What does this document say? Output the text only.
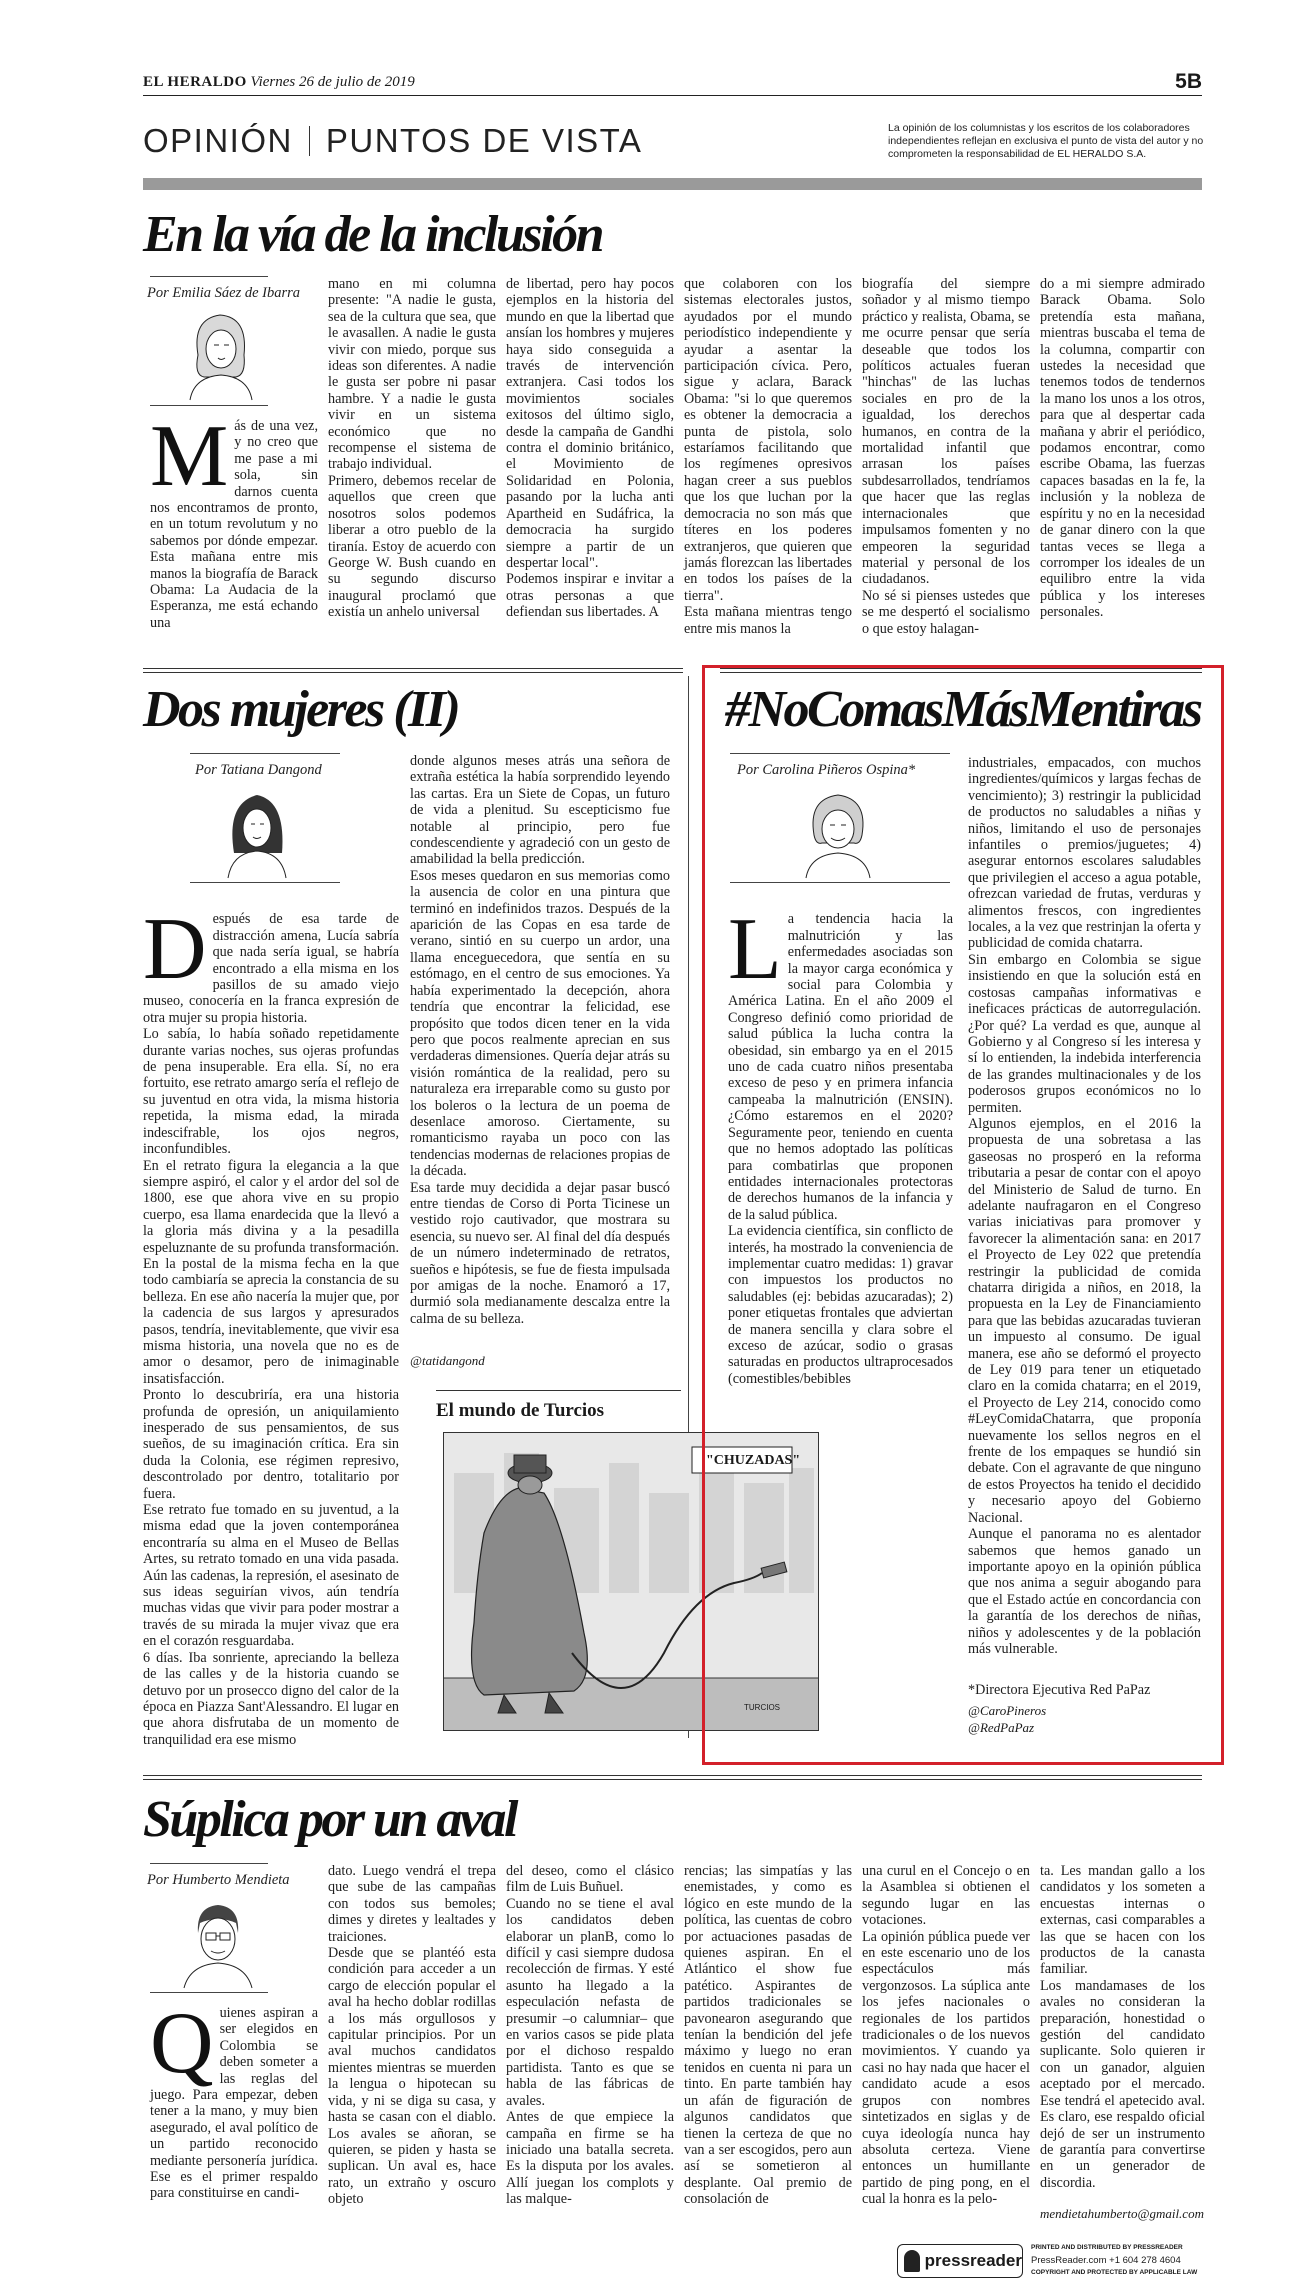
EL HERALDO Viernes 26 de julio de 2019	5B
OPINIÓN PUNTOS DE VISTA	La opinión de los columnistas y los escritos de los colaboradores independientes reflejan en exclusiva el punto de vista del autor y no comprometen la responsabilidad de EL HERALDO S.A.
En la vía de la inclusión
Por Emilia Sáez de Ibarra
Más de una vez, y no creo que me pase a mi sola, sin darnos cuenta nos encontramos de pronto, en un totum revolutum y no sabemos por dónde empezar. Esta mañana entre mis manos la biografía de Barack Obama: La Audacia de la Esperanza, me está echando una
mano en mi columna presente: "A nadie le gusta, sea de la cultura que sea, que le avasallen. A nadie le gusta vivir con miedo, porque sus ideas son diferentes. A nadie le gusta ser pobre ni pasar hambre. Y a nadie le gusta vivir en un sistema económico que no recompense el sistema de trabajo individual.
Primero, debemos recelar de aquellos que creen que nosotros solos podemos liberar a otro pueblo de la tiranía. Estoy de acuerdo con George W. Bush cuando en su segundo discurso inaugural proclamó que existía un anhelo universal
de libertad, pero hay pocos ejemplos en la historia del mundo en que la libertad que ansían los hombres y mujeres haya sido conseguida a través de intervención extranjera. Casi todos los movimientos sociales exitosos del último siglo, desde la campaña de Gandhi contra el dominio británico, el Movimiento de Solidaridad en Polonia, pasando por la lucha anti Apartheid en Sudáfrica, la democracia ha surgido siempre a partir de un despertar local".
Podemos inspirar e invitar a otras personas a que defiendan sus libertades. A
que colaboren con los sistemas electorales justos, ayudados por el mundo periodístico independiente y ayudar a asentar la participación cívica. Pero, sigue y aclara, Barack Obama: "si lo que queremos es obtener la democracia a punta de pistola, solo estaríamos facilitando que los regímenes opresivos hagan creer a sus pueblos que los que luchan por la democracia no son más que títeres en los poderes extranjeros, que quieren que jamás florezcan las libertades en todos los países de la tierra".
Esta mañana mientras tengo entre mis manos la
biografía del siempre soñador y al mismo tiempo práctico y realista, Obama, se me ocurre pensar que sería deseable que todos los políticos actuales fueran "hinchas" de las luchas sociales en pro de la igualdad, los derechos humanos, en contra de la mortalidad infantil que arrasan los países subdesarrollados, tendríamos que hacer que las reglas internacionales que impulsamos fomenten y no empeoren la seguridad material y personal de los ciudadanos.
No sé si pienses ustedes que se me despertó el socialismo o que estoy halagan-
do a mi siempre admirado Barack Obama. Solo pretendía esta mañana, mientras buscaba el tema de la columna, compartir con ustedes la necesidad que tenemos todos de tendernos la mano los unos a los otros, para que al despertar cada mañana y abrir el periódico, podamos encontrar, como escribe Obama, las fuerzas capaces basadas en la fe, la inclusión y la nobleza de espíritu y no en la necesidad de ganar dinero con la que tantas veces se llega a corromper los ideales de un equilibro entre la vida pública y los intereses personales.
Dos mujeres (II)
Por Tatiana Dangond

Después de esa tarde de distracción amena, Lucía sabría que nada sería igual, se habría encontrado a ella misma en los pasillos de su amado viejo museo, conocería en la franca expresión de otra mujer su propia historia.
Lo sabía, lo había soñado repetidamente durante varias noches, sus ojeras profundas de pena insuperable. Era ella. Sí, no era fortuito, ese retrato amargo sería el reflejo de su juventud en otra vida, la misma historia repetida, la misma edad, la mirada indescifrable, los ojos negros, inconfundibles.
En el retrato figura la elegancia a la que siempre aspiró, el calor y el ardor del sol de 1800, ese que ahora vive en su propio cuerpo, esa llama enardecida que la llevó a la gloria más divina y a la pesadilla espeluznante de su profunda transformación. En la postal de la misma fecha en la que todo cambiaría se aprecia la constancia de su belleza. En ese año nacería la mujer que, por la cadencia de sus largos y apresurados pasos, tendría, inevitablemente, que vivir esa misma historia, una novela que no es de amor o desamor, pero de inimaginable insatisfacción.
Pronto lo descubriría, era una historia profunda de opresión, un aniquilamiento inesperado de sus pensamientos, de sus sueños, de su imaginación crítica. Era sin duda la Colonia, ese régimen represivo, descontrolado por dentro, totalitario por fuera.
Ese retrato fue tomado en su juventud, a la misma edad que la joven contemporánea encontraría su alma en el Museo de Bellas Artes, su retrato tomado en una vida pasada. Aún las cadenas, la represión, el asesinato de sus ideas seguirían vivos, aún tendría muchas vidas que vivir para poder mostrar a través de su mirada la mujer vivaz que era en el corazón resguardaba.
6 días. Iba sonriente, apreciando la belleza de las calles y de la historia cuando se detuvo por un prosecco digno del calor de la época en Piazza Sant'Alessandro. El lugar en que ahora disfrutaba de un momento de tranquilidad era ese mismo

donde algunos meses atrás una señora de extraña estética la había sorprendido leyendo las cartas. Era un Siete de Copas, un futuro de vida a plenitud. Su escepticismo fue notable al principio, pero fue condescendiente y agradeció con un gesto de amabilidad la bella predicción.
Esos meses quedaron en sus memorias como la ausencia de color en una pintura que terminó en indefinidos trazos. Después de la aparición de las Copas en esa tarde de verano, sintió en su cuerpo un ardor, una llama enceguecedora, que sentía en su estómago, en el centro de sus emociones. Ya había experimentado la decepción, ahora tendría que encontrar la felicidad, ese propósito que todos dicen tener en la vida pero que pocos realmente aprecian en sus verdaderas dimensiones. Quería dejar atrás su visión romántica de la realidad, pero su naturaleza era irreparable como su gusto por los boleros o la lectura de un poema de desenlace amoroso. Ciertamente, su romanticismo rayaba un poco con las tendencias modernas de relaciones propias de la década.
Esa tarde muy decidida a dejar pasar buscó entre tiendas de Corso di Porta Ticinese un vestido rojo cautivador, que mostrara su esencia, su nuevo ser. Al final del día después de un número indeterminado de retratos, sueños e hipótesis, se fue de fiesta impulsada por amigas de la noche. Enamoró a 17, durmió sola medianamente descalza entre la calma de su belleza.
@tatidangond
El mundo de Turcios
"CHUZADAS"
TURCIOS
#NoComasMásMentiras
Por Carolina Piñeros Ospina*

La tendencia hacia la malnutrición y las enfermedades asociadas son la mayor carga económica y social para Colombia y América Latina. En el año 2009 el Congreso definió como prioridad de salud pública la lucha contra la obesidad, sin embargo ya en el 2015 uno de cada cuatro niños presentaba exceso de peso y en primera infancia campeaba la malnutrición (ENSIN). ¿Cómo estaremos en el 2020? Seguramente peor, teniendo en cuenta que no hemos adoptado las políticas para combatirlas que proponen entidades internacionales protectoras de derechos humanos de la infancia y de la salud pública.
La evidencia científica, sin conflicto de interés, ha mostrado la conveniencia de implementar cuatro medidas: 1) gravar con impuestos los productos no saludables (ej: bebidas azucaradas); 2) poner etiquetas frontales que adviertan de manera sencilla y clara sobre el exceso de azúcar, sodio o grasas saturadas en productos ultraprocesados (comestibles/bebibles

industriales, empacados, con muchos ingredientes/químicos y largas fechas de vencimiento); 3) restringir la publicidad de productos no saludables a niñas y niños, limitando el uso de personajes infantiles o premios/juguetes; 4) asegurar entornos escolares saludables que privilegien el acceso a agua potable, ofrezcan variedad de frutas, verduras y alimentos frescos, con ingredientes locales, a la vez que restrinjan la oferta y publicidad de comida chatarra.
Sin embargo en Colombia se sigue insistiendo en que la solución está en costosas campañas informativas e ineficaces prácticas de autorregulación. ¿Por qué? La verdad es que, aunque al Gobierno y al Congreso sí les interesa y sí lo entienden, la indebida interferencia de las grandes multinacionales y de los poderosos grupos económicos no lo permiten.
Algunos ejemplos, en el 2016 la propuesta de una sobretasa a las gaseosas no prosperó en la reforma tributaria a pesar de contar con el apoyo del Ministerio de Salud de turno. En adelante naufragaron en el Congreso varias iniciativas para promover y favorecer la alimentación sana: en 2017 el Proyecto de Ley 022 que pretendía restringir la publicidad de comida chatarra dirigida a niños, en 2018, la propuesta en la Ley de Financiamiento para que las bebidas azucaradas tuvieran un impuesto al consumo. De igual manera, ese año se deformó el proyecto de Ley 019 para tener un etiquetado claro en la comida chatarra; en el 2019, el Proyecto de Ley 214, conocido como #LeyComidaChatarra, que proponía nuevamente los sellos negros en el frente de los empaques se hundió sin debate. Con el agravante de que ninguno de estos Proyectos ha tenido el decidido y necesario apoyo del Gobierno Nacional.
Aunque el panorama no es alentador sabemos que hemos ganado un importante apoyo en la opinión pública que nos anima a seguir abogando para que el Estado actúe en concordancia con la garantía de los derechos de niñas, niños y adolescentes y de la población más vulnerable.
*Directora Ejecutiva Red PaPaz
@CaroPineros
@RedPaPaz
Súplica por un aval
Por Humberto Mendieta
Quienes aspiran a ser elegidos en Colombia se deben someter a las reglas del juego. Para empezar, deben tener a la mano, y muy bien asegurado, el aval político de un partido reconocido mediante personería jurídica. Ese es el primer respaldo para constituirse en candi-
dato. Luego vendrá el trepa que sube de las campañas con todos sus bemoles; dimes y diretes y lealtades y traiciones.
Desde que se plantéó esta condición para acceder a un cargo de elección popular el aval ha hecho doblar rodillas a los más orgullosos y capitular principios. Por un aval muchos candidatos mientes mientras se muerden la lengua o hipotecan su vida, y ni se diga su casa, y hasta se casan con el diablo. Los avales se añoran, se quieren, se piden y hasta se suplican. Un aval es, hace rato, un extraño y oscuro objeto
del deseo, como el clásico film de Luis Buñuel.
Cuando no se tiene el aval los candidatos deben elaborar un planB, como lo difícil y casi siempre dudosa recolección de firmas. Y esté asunto ha llegado a la especulación nefasta de presumir –o calumniar– que en varios casos se pide plata por el dichoso respaldo partidista. Tanto es que se habla de las fábricas de avales.
Antes de que empiece la campaña en firme se ha iniciado una batalla secreta. Es la disputa por los avales. Allí juegan los complots y las malque-
rencias; las simpatías y las enemistades, y como es lógico en este mundo de la política, las cuentas de cobro por actuaciones pasadas de quienes aspiran. En el Atlántico el show fue patético. Aspirantes de partidos tradicionales se pavonearon asegurando que tenían la bendición del jefe máximo y luego no eran tenidos en cuenta ni para un tinto. En parte también hay un afán de figuración de algunos candidatos que tienen la certeza de que no van a ser escogidos, pero aun así se sometieron al desplante. Oal premio de consolación de
una curul en el Concejo o en la Asamblea si obtienen el segundo lugar en las votaciones.
La opinión pública puede ver en este escenario uno de los espectáculos más vergonzosos. La súplica ante los jefes nacionales o regionales de los partidos tradicionales o de los nuevos movimientos. Y cuando ya casi no hay nada que hacer el candidato acude a esos grupos con nombres sintetizados en siglas y de cuya ideología nunca hay absoluta certeza. Viene entonces un humillante partido de ping pong, en el cual la honra es la pelo-
ta. Les mandan gallo a los candidatos y los someten a encuestas internas o externas, casi comparables a las que se hacen con los productos de la canasta familiar.
Los mandamases de los avales no consideran la preparación, honestidad o gestión del candidato suplicante. Solo quieren ir con un ganador, alguien aceptado por el mercado. Ese tendrá el apetecido aval. Es claro, ese respaldo oficial dejó de ser un instrumento de garantía para convertirse en un generador de discordia.
mendietahumberto@gmail.com
pressreader
PRINTED AND DISTRIBUTED BY PRESSREADER
PressReader.com +1 604 278 4604
COPYRIGHT AND PROTECTED BY APPLICABLE LAW
